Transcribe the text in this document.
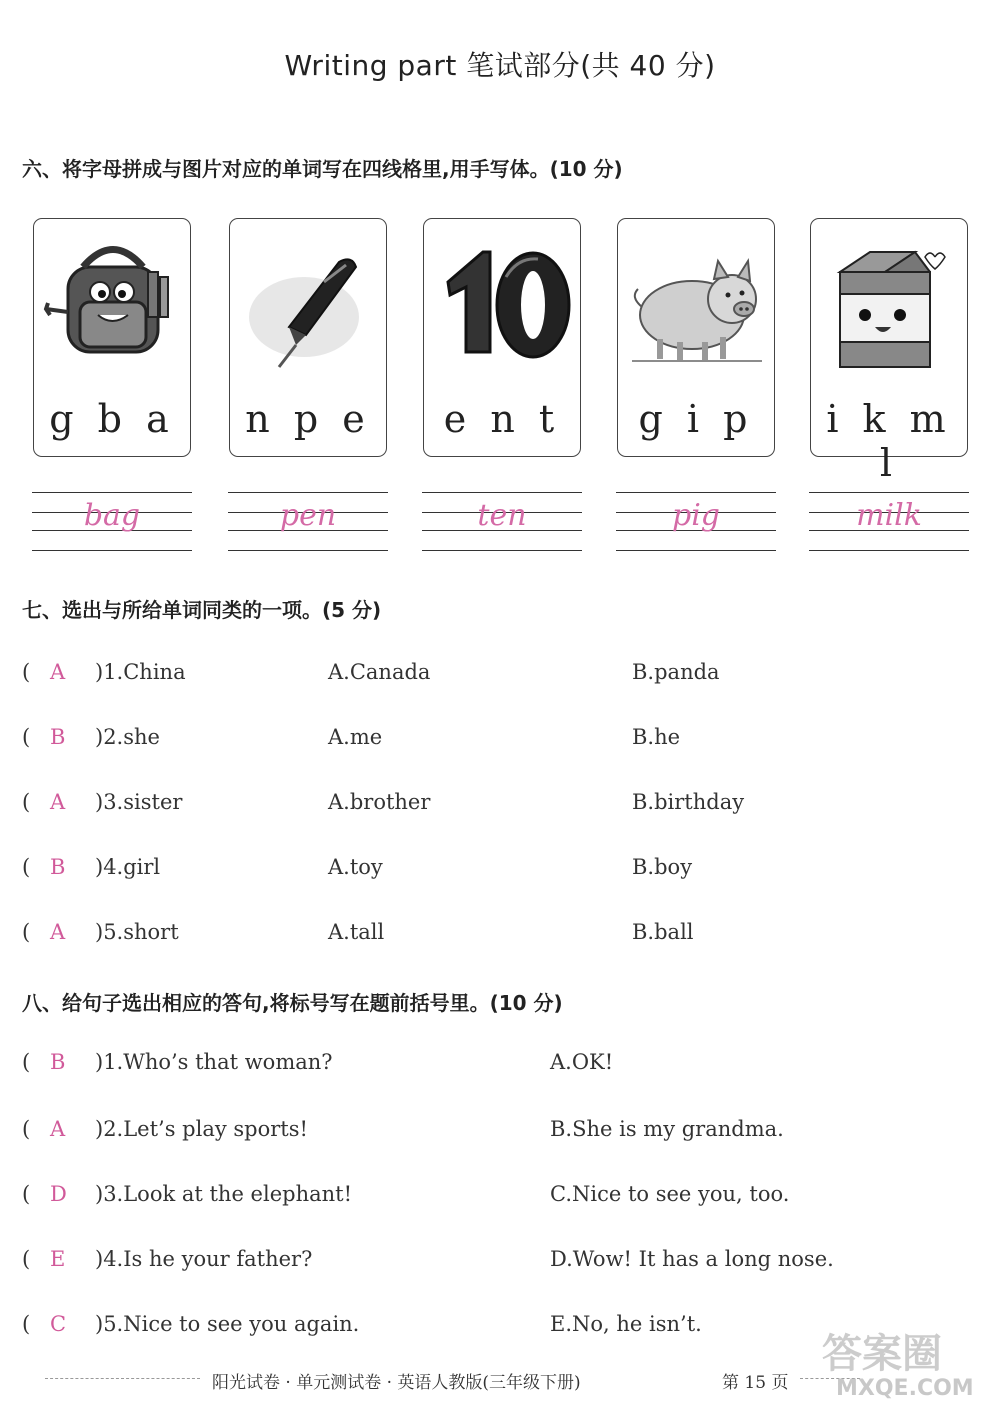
Writing part 笔试部分(共 40 分)
六、将字母拼成与图片对应的单词写在四线格里,用手写体。(10 分)
g b a	n p e	e n t	g i p	i k m l
bag	pen	ten	pig	milk
七、选出与所给单词同类的一项。(5 分)
( A )1.China	A.Canada	B.panda
( B )2.she	A.me	B.he
( A )3.sister	A.brother	B.birthday
( B )4.girl	A.toy	B.boy
( A )5.short	A.tall	B.ball
八、给句子选出相应的答句,将标号写在题前括号里。(10 分)
( B )1.Who’s that woman?	A.OK!
( A )2.Let’s play sports!	B.She is my grandma.
( D )3.Look at the elephant!	C.Nice to see you, too.
( E )4.Is he your father?	D.Wow! It has a long nose.
( C )5.Nice to see you again.	E.No, he isn’t.
阳光试卷 · 单元测试卷 · 英语人教版(三年级下册)	第 15 页
答案圈
MXQE.COM
